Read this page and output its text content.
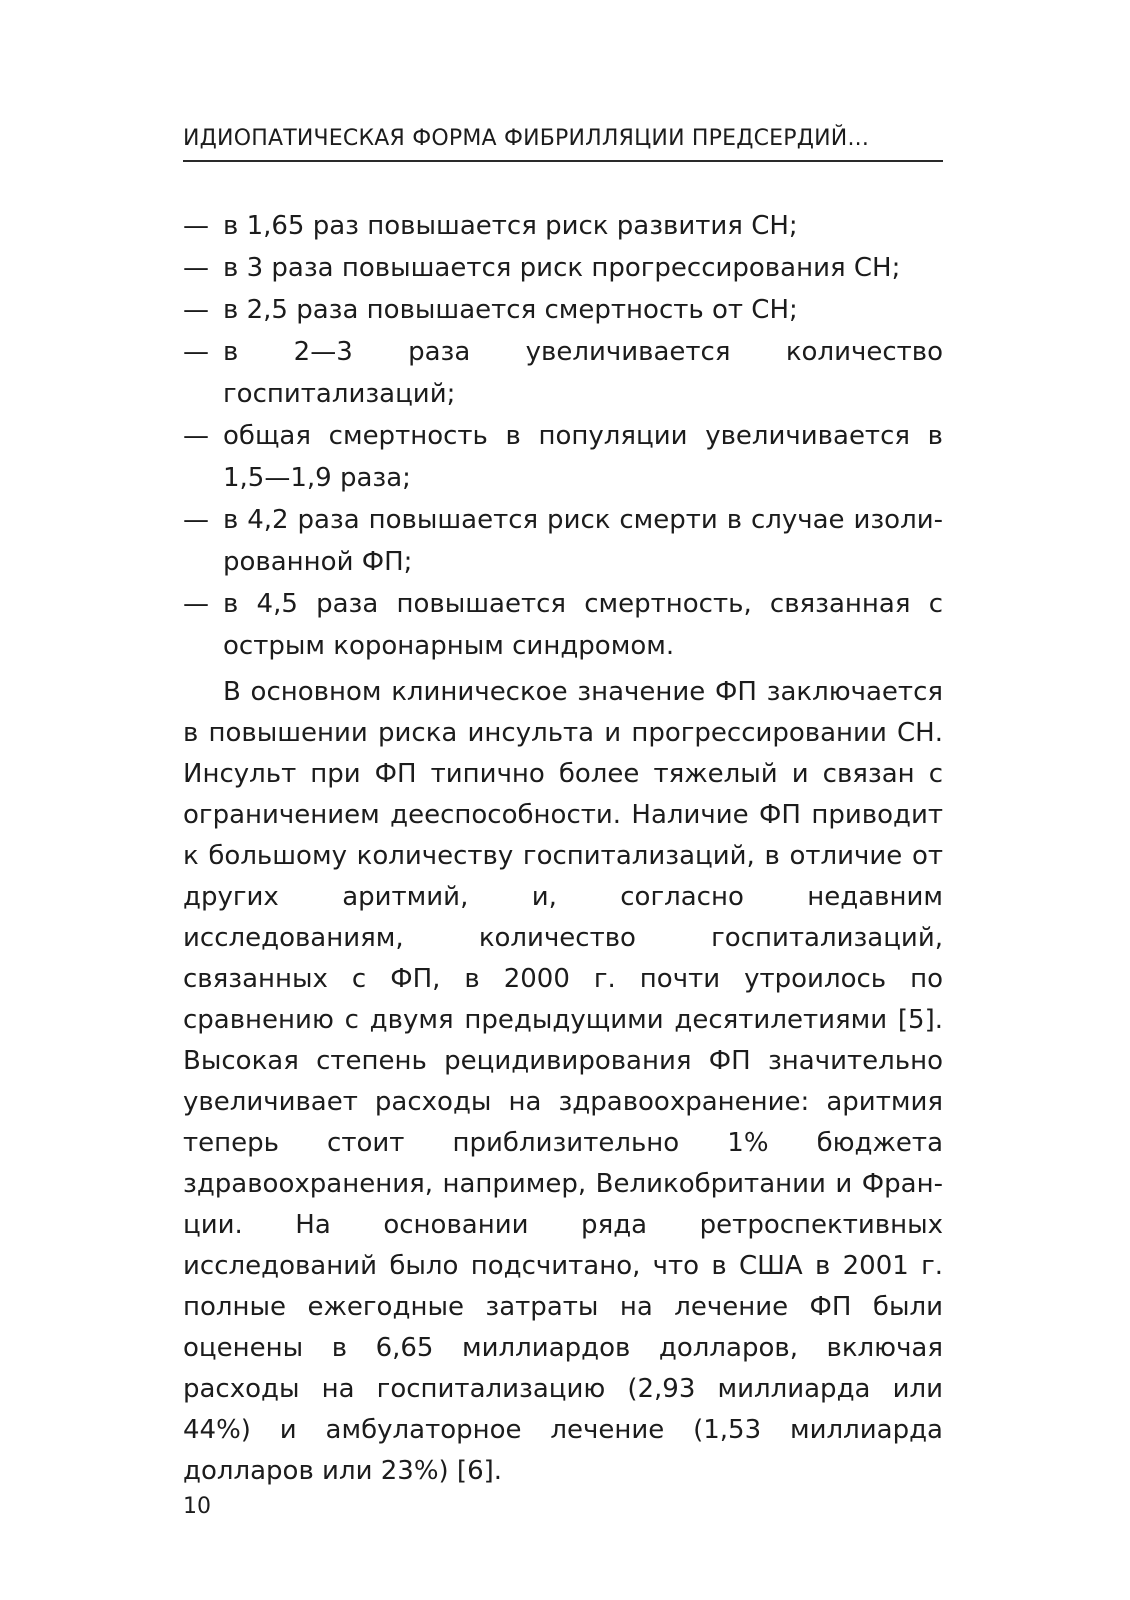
ИДИОПАТИЧЕСКАЯ ФОРМА ФИБРИЛЛЯЦИИ ПРЕДСЕРДИЙ...
— в 1,65 раз повышается риск развития СН;
— в 3 раза повышается риск прогрессирования СН;
— в 2,5 раза повышается смертность от СН;
— в 2—3 раза увеличивается количество госпитализаций;
— общая смертность в популяции увеличивается в 1,5—1,9 раза;
— в 4,2 раза повышается риск смерти в случае изолированной ФП;
— в 4,5 раза повышается смертность, связанная с острым коронарным синдромом.

В основном клиническое значение ФП заключается в повышении риска инсульта и прогрессировании СН. Инсульт при ФП типично более тяжелый и связан с ограничением дееспособности. Наличие ФП приводит к большому количеству госпитализаций, в отличие от других аритмий, и, согласно недавним исследованиям, количество госпитализаций, связанных с ФП, в 2000 г. почти утроилось по сравнению с двумя предыдущими десятилетиями [5]. Высокая степень рецидивирования ФП значительно увеличивает расходы на здравоохранение: аритмия теперь стоит приблизительно 1% бюджета здравоохранения, например, Великобритании и Франции. На основании ряда ретроспективных исследований было подсчитано, что в США в 2001 г. полные ежегодные затраты на лечение ФП были оценены в 6,65 миллиардов долларов, включая расходы на госпитализацию (2,93 миллиарда или 44%) и амбулаторное лечение (1,53 миллиарда долларов или 23%) [6].

10
